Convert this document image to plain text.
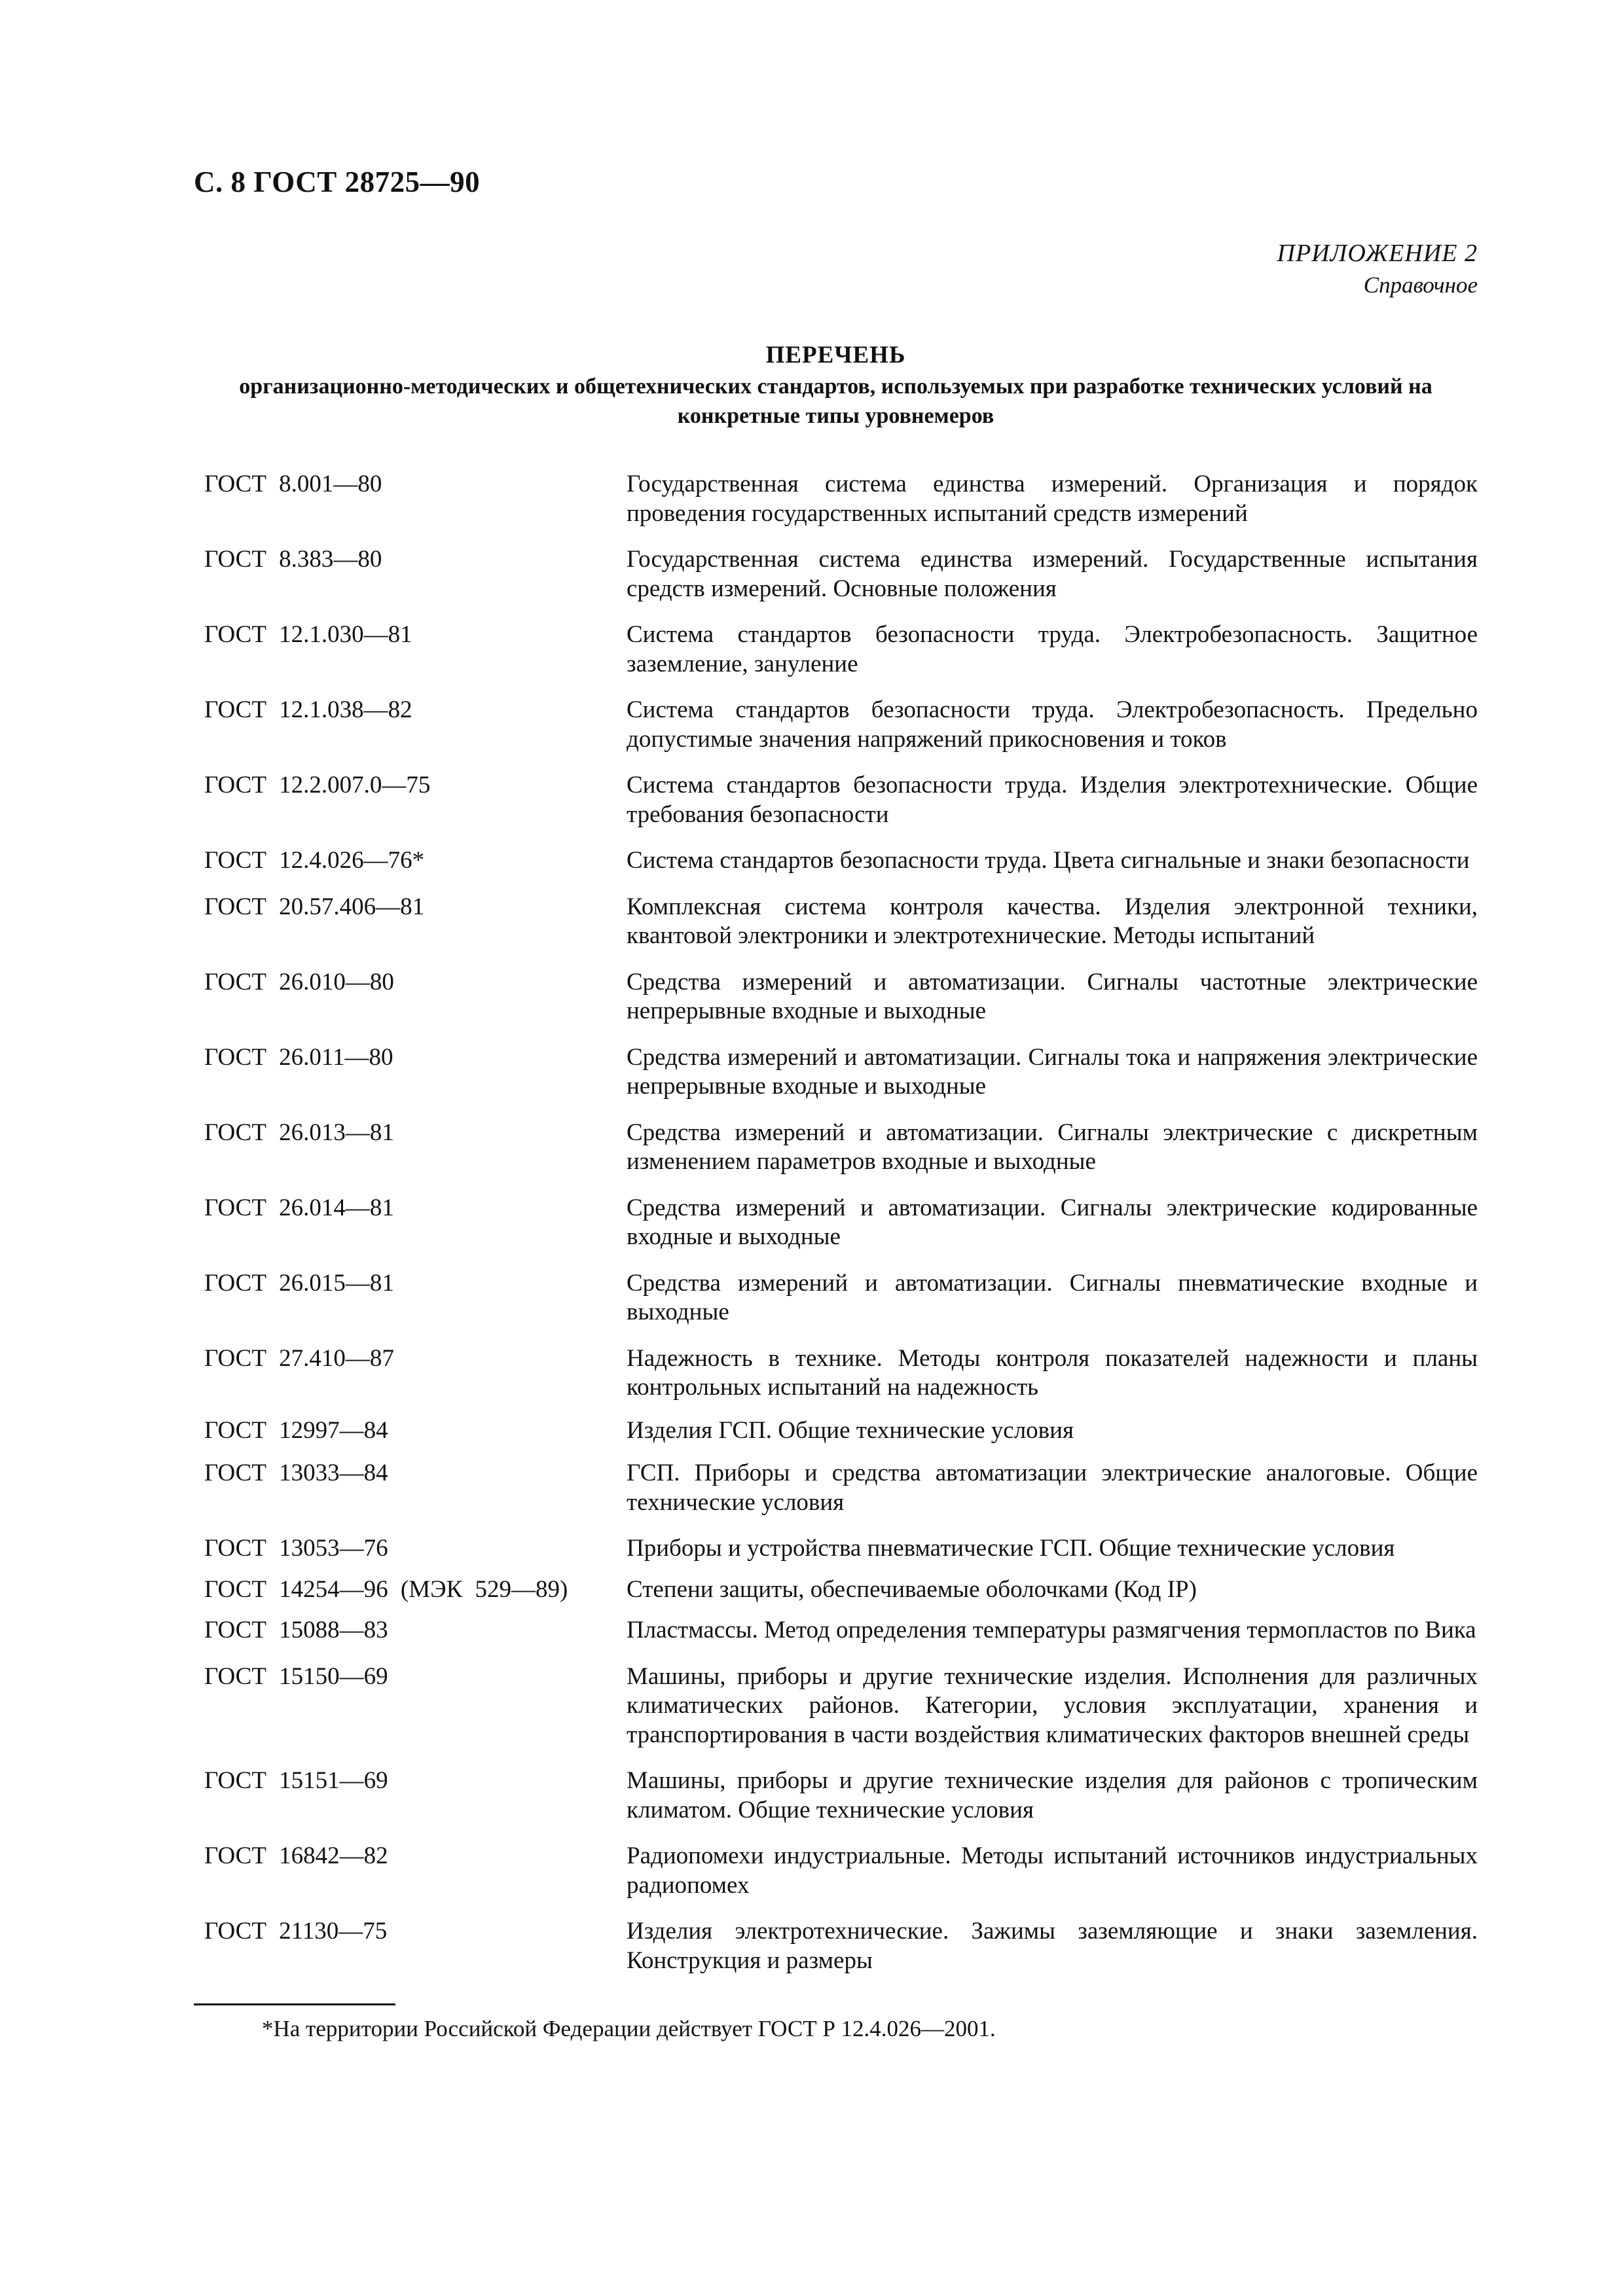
С. 8 ГОСТ 28725—90
ПРИЛОЖЕНИЕ 2
Справочное
ПЕРЕЧЕНЬ
организационно-методических и общетехнических стандартов, используемых при разработке технических условий на конкретные типы уровнемеров
ГОСТ 8.001—80	Государственная система единства измерений. Организация и порядок проведения государственных испытаний средств измерений
ГОСТ 8.383—80	Государственная система единства измерений. Государственные испытания средств измерений. Основные положения
ГОСТ 12.1.030—81	Система стандартов безопасности труда. Электробезопасность. Защитное заземление, зануление
ГОСТ 12.1.038—82	Система стандартов безопасности труда. Электробезопасность. Предельно допустимые значения напряжений прикосновения и токов
ГОСТ 12.2.007.0—75	Система стандартов безопасности труда. Изделия электротехнические. Общие требования безопасности
ГОСТ 12.4.026—76*	Система стандартов безопасности труда. Цвета сигнальные и знаки безопасности
ГОСТ 20.57.406—81	Комплексная система контроля качества. Изделия электронной техники, квантовой электроники и электротехнические. Методы испытаний
ГОСТ 26.010—80	Средства измерений и автоматизации. Сигналы частотные электрические непрерывные входные и выходные
ГОСТ 26.011—80	Средства измерений и автоматизации. Сигналы тока и напряжения электрические непрерывные входные и выходные
ГОСТ 26.013—81	Средства измерений и автоматизации. Сигналы электрические с дискретным изменением параметров входные и выходные
ГОСТ 26.014—81	Средства измерений и автоматизации. Сигналы электрические кодированные входные и выходные
ГОСТ 26.015—81	Средства измерений и автоматизации. Сигналы пневматические входные и выходные
ГОСТ 27.410—87	Надежность в технике. Методы контроля показателей надежности и планы контрольных испытаний на надежность
ГОСТ 12997—84	Изделия ГСП. Общие технические условия
ГОСТ 13033—84	ГСП. Приборы и средства автоматизации электрические аналоговые. Общие технические условия
ГОСТ 13053—76	Приборы и устройства пневматические ГСП. Общие технические условия
ГОСТ 14254—96 (МЭК 529—89)	Степени защиты, обеспечиваемые оболочками (Код IP)
ГОСТ 15088—83	Пластмассы. Метод определения температуры размягчения термопластов по Вика
ГОСТ 15150—69	Машины, приборы и другие технические изделия. Исполнения для различных климатических районов. Категории, условия эксплуатации, хранения и транспортирования в части воздействия климатических факторов внешней среды
ГОСТ 15151—69	Машины, приборы и другие технические изделия для районов с тропическим климатом. Общие технические условия
ГОСТ 16842—82	Радиопомехи индустриальные. Методы испытаний источников индустриальных радиопомех
ГОСТ 21130—75	Изделия электротехнические. Зажимы заземляющие и знаки заземления. Конструкция и размеры
*На территории Российской Федерации действует ГОСТ Р 12.4.026—2001.
